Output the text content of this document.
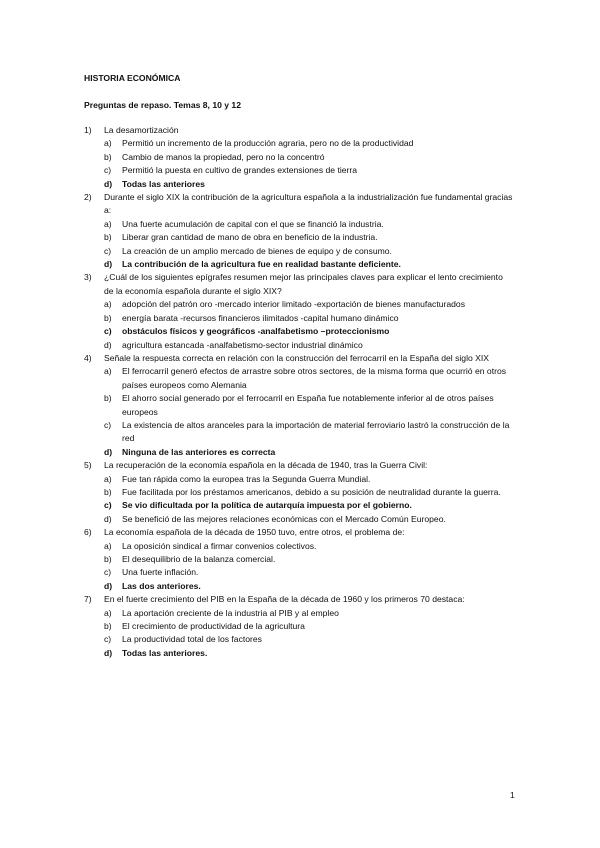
HISTORIA ECONÓMICA
Preguntas de repaso. Temas 8, 10 y 12
1)	La desamortización
a)	Permitió un incremento de la producción agraria, pero no de la productividad
b)	Cambio de manos la propiedad, pero no la concentró
c)	Permitió la puesta en cultivo de grandes extensiones de tierra
d)	Todas las anteriores
2)	Durante el siglo XIX la contribución de la agricultura española a la industrialización fue fundamental gracias a:
a)	Una fuerte acumulación de capital con el que se financió la industria.
b)	Liberar gran cantidad de mano de obra en beneficio de la industria.
c)	La creación de un amplio mercado de bienes de equipo y de consumo.
d)	La contribución de la agricultura fue en realidad bastante deficiente.
3)	¿Cuál de los siguientes epígrafes resumen mejor las principales claves para explicar el lento crecimiento de la economía española durante el siglo XIX?
a)	adopción del patrón oro -mercado interior limitado -exportación de bienes manufacturados
b)	energía barata -recursos financieros ilimitados -capital humano dinámico
c)	obstáculos físicos y geográficos -analfabetismo –proteccionismo
d)	agricultura estancada -analfabetismo-sector industrial dinámico
4)	Señale la respuesta correcta en relación con la construcción del ferrocarril en la España del siglo XIX
a)	El ferrocarril generó efectos de arrastre sobre otros sectores, de la misma forma que ocurrió en otros países europeos como Alemania
b)	El ahorro social generado por el ferrocarril en España fue notablemente inferior al de otros países europeos
c)	La existencia de altos aranceles para la importación de material ferroviario lastró la construcción de la red
d)	Ninguna de las anteriores es correcta
5)	La recuperación de la economía española en la década de 1940, tras la Guerra Civil:
a)	Fue tan rápida como la europea tras la Segunda Guerra Mundial.
b)	Fue facilitada por los préstamos americanos, debido a su posición de neutralidad durante la guerra.
c)	Se vio dificultada por la política de autarquía impuesta por el gobierno.
d)	Se benefició de las mejores relaciones económicas con el Mercado Común Europeo.
6)	La economía española de la década de 1950 tuvo, entre otros, el problema de:
a)	La oposición sindical a firmar convenios colectivos.
b)	El desequilibrio de la balanza comercial.
c)	Una fuerte inflación.
d)	Las dos anteriores.
7)	En el fuerte crecimiento del PIB en la España de la década de 1960 y los primeros 70 destaca:
a)	La aportación creciente de la industria al PIB y al empleo
b)	El crecimiento de productividad de la agricultura
c)	La productividad total de los factores
d)	Todas las anteriores.
1
